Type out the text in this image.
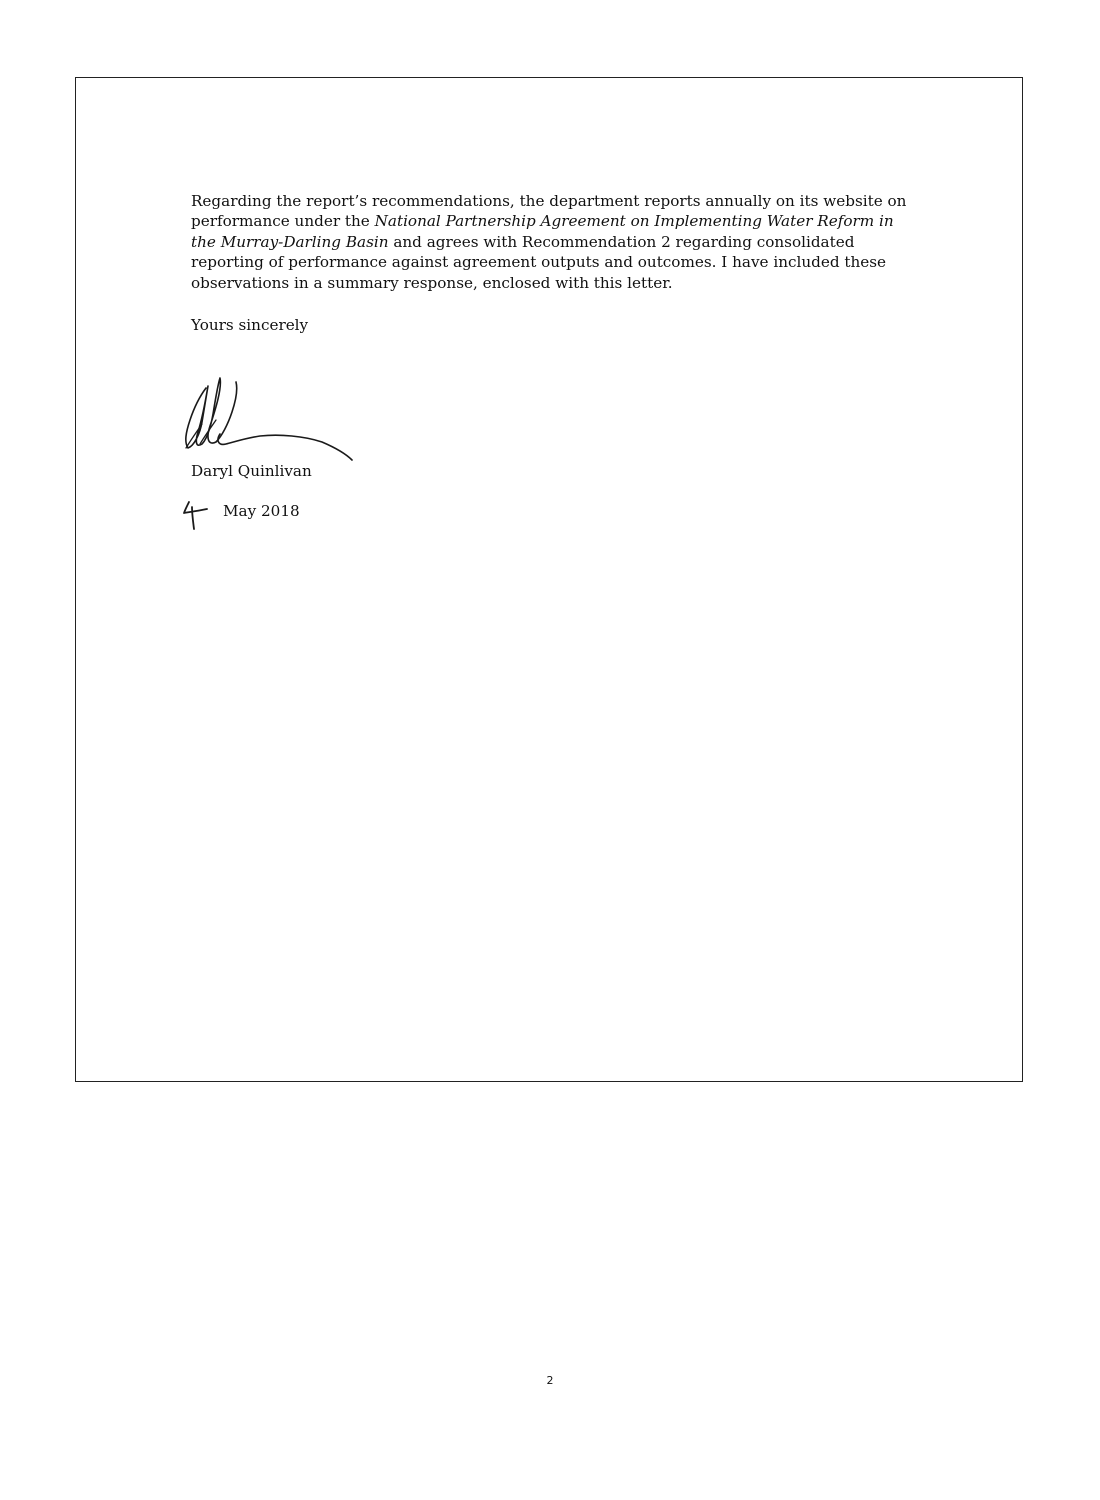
Regarding the report’s recommendations, the department reports annually on its website on performance under the National Partnership Agreement on Implementing Water Reform in the Murray-Darling Basin and agrees with Recommendation 2 regarding consolidated reporting of performance against agreement outputs and outcomes. I have included these observations in a summary response, enclosed with this letter.

Yours sincerely

Daryl Quinlivan

May 2018

2
